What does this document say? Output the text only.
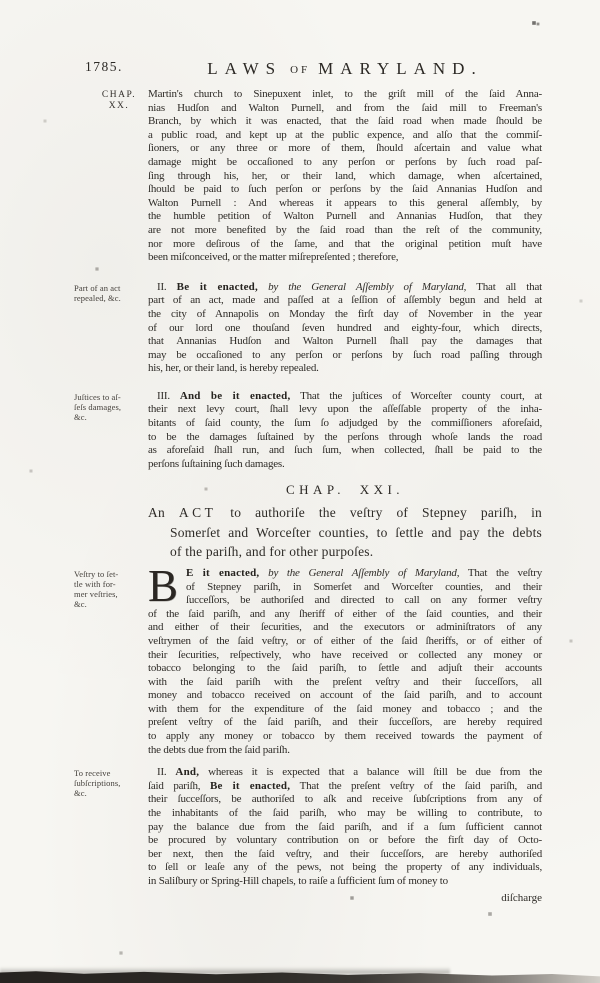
1785.	LAWS OF MARYLAND.
CHAP.
XX.
Martin's church to Sinepuxent inlet, to the griſt mill of the ſaid Anna-
nias Hudſon and Walton Purnell, and from the ſaid mill to Freeman's
Branch, by which it was enacted, that the ſaid road when made ſhould be
a public road, and kept up at the public expence, and alſo that the commiſ-
ſioners, or any three or more of them, ſhould aſcertain and value what
damage might be occaſioned to any perſon or perſons by ſuch road paſ-
ſing through his, her, or their land, which damage, when aſcertained,
ſhould be paid to ſuch perſon or perſons by the ſaid Annanias Hudſon and
Walton Purnell : And whereas it appears to this general aſſembly, by
the humble petition of Walton Purnell and Annanias Hudſon, that they
are not more benefited by the ſaid road than the reſt of the community,
nor more deſirous of the ſame, and that the original petition muſt have
been miſconceived, or the matter miſrepreſented ; therefore,
Part of an act
repealed, &c.
II. Be it enacted, by the General Aſſembly of Maryland, That all that
part of an act, made and paſſed at a ſeſſion of aſſembly begun and held at
the city of Annapolis on Monday the firſt day of November in the year
of our lord one thouſand ſeven hundred and eighty-four, which directs,
that Annanias Hudſon and Walton Purnell ſhall pay the damages that
may be occaſioned to any perſon or perſons by ſuch road paſſing through
his, her, or their land, is hereby repealed.
Juſtices to aſ-
ſeſs damages,
&c.
III. And be it enacted, That the juſtices of Worceſter county court, at
their next levy court, ſhall levy upon the aſſeſſable property of the inha-
bitants of ſaid county, the ſum ſo adjudged by the commiſſioners aforeſaid,
to be the damages ſuſtained by the perſons through whoſe lands the road
as aforeſaid ſhall run, and ſuch ſum, when collected, ſhall be paid to the
perſons ſuſtaining ſuch damages.
CHAP. XXI.
An ACT to authoriſe the veſtry of Stepney pariſh, in
Somerſet and Worceſter counties, to ſettle and pay the debts
of the pariſh, and for other purpoſes.
Veſtry to ſet-
tle with for-
mer veſtries,
&c.	B E it enacted, by the General Aſſembly of Maryland, That the veſtry
of Stepney pariſh, in Somerſet and Worceſter counties, and their
ſucceſſors, be authoriſed and directed to call on any former veſtry
of the ſaid pariſh, and any ſheriff of either of the ſaid counties, and their
and either of their ſecurities, and the executors or adminiſtrators of any
veſtrymen of the ſaid veſtry, or of either of the ſaid ſheriffs, or of either of
their ſecurities, reſpectively, who have received or collected any money or
tobacco belonging to the ſaid pariſh, to ſettle and adjuſt their accounts
with the ſaid pariſh with the preſent veſtry and their ſucceſſors, all
money and tobacco received on account of the ſaid pariſh, and to account
with them for the expenditure of the ſaid money and tobacco ; and the
preſent veſtry of the ſaid pariſh, and their ſucceſſors, are hereby required
to apply any money or tobacco by them received towards the payment of
the debts due from the ſaid pariſh.
To receive
ſubſcriptions,
&c.
II. And, whereas it is expected that a balance will ſtill be due from the
ſaid pariſh, Be it enacted, That the preſent veſtry of the ſaid pariſh, and
their ſucceſſors, be authoriſed to aſk and receive ſubſcriptions from any of
the inhabitants of the ſaid pariſh, who may be willing to contribute, to
pay the balance due from the ſaid pariſh, and if a ſum ſufficient cannot
be procured by voluntary contribution on or before the firſt day of Octo-
ber next, then the ſaid veſtry, and their ſucceſſors, are hereby authoriſed
to ſell or leaſe any of the pews, not being the property of any individuals,
in Saliſbury or Spring-Hill chapels, to raiſe a ſufficient ſum of money to
diſcharge
